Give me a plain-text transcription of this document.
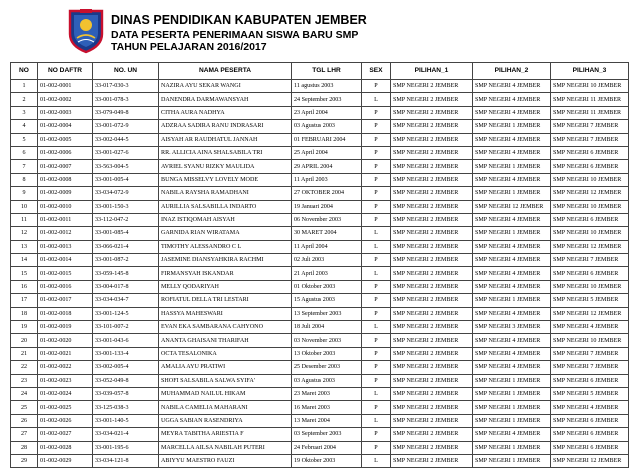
DINAS PENDIDIKAN KABUPATEN JEMBER
DATA PESERTA PENERIMAAN SISWA BARU SMP
TAHUN PELAJARAN 2016/2017
NO	NO DAFTR	NO. UN	NAMA PESERTA	TGL LHR	SEX	PILIHAN_1	PILIHAN_2	PILIHAN_3
1	01-002-0001	33-017-030-3	NAZIRA AYU SEKAR WANGI	11 agustus 2003	P	SMP NEGERI 2 JEMBER	SMP NEGERI 4 JEMBER	SMP NEGERI 10 JEMBER
2	01-002-0002	33-001-078-3	DANENDRA DARMAWANSYAH	24 September 2003	L	SMP NEGERI 2 JEMBER	SMP NEGERI 4 JEMBER	SMP NEGERI 11 JEMBER
3	01-002-0003	33-079-049-8	CITHA AURA NADHYA	23 April 2004	P	SMP NEGERI 2 JEMBER	SMP NEGERI 4 JEMBER	SMP NEGERI 11 JEMBER
4	01-002-0004	33-001-072-9	ADZRAA SADIRA RANU INDRASARI	03 Agustus 2003	P	SMP NEGERI 2 JEMBER	SMP NEGERI 1 JEMBER	SMP NEGERI 7 JEMBER
5	01-002-0005	33-002-044-5	AISYAH AR RAUDHATUL JANNAH	01 FEBRUARI 2004	P	SMP NEGERI 2 JEMBER	SMP NEGERI 4 JEMBER	SMP NEGERI 7 JEMBER
6	01-002-0006	33-001-027-6	RR. ALLICIA AINA SHALSABILA TRI	25 April 2004	P	SMP NEGERI 2 JEMBER	SMP NEGERI 4 JEMBER	SMP NEGERI 6 JEMBER
7	01-002-0007	33-563-004-5	AVRIEL SYANU RIZKY MAULIDA	29 APRIL 2004	P	SMP NEGERI 2 JEMBER	SMP NEGERI 1 JEMBER	SMP NEGERI 6 JEMBER
8	01-002-0008	33-001-005-4	BUNGA MISSELVY LOVELY MODE	11 April 2003	P	SMP NEGERI 2 JEMBER	SMP NEGERI 4 JEMBER	SMP NEGERI 10 JEMBER
9	01-002-0009	33-034-072-9	NABILA RAYSHA RAMADHANI	27 OKTOBER 2004	P	SMP NEGERI 2 JEMBER	SMP NEGERI 1 JEMBER	SMP NEGERI 12 JEMBER
10	01-002-0010	33-001-150-3	AURILLIA SALSABILLA INDARTO	19 Januari 2004	P	SMP NEGERI 2 JEMBER	SMP NEGERI 12 JEMBER	SMP NEGERI 10 JEMBER
11	01-002-0011	33-112-047-2	INAZ ISTIQOMAH AISYAH	06 November 2003	P	SMP NEGERI 2 JEMBER	SMP NEGERI 4 JEMBER	SMP NEGERI 6 JEMBER
12	01-002-0012	33-001-085-4	GARNIDA RIAN WIRATAMA	30 MARET 2004	L	SMP NEGERI 2 JEMBER	SMP NEGERI 1 JEMBER	SMP NEGERI 10 JEMBER
13	01-002-0013	33-066-021-4	TIMOTHY ALESSANDRO C L	11 April 2004	L	SMP NEGERI 2 JEMBER	SMP NEGERI 4 JEMBER	SMP NEGERI 12 JEMBER
14	01-002-0014	33-001-087-2	JASEMINE DIANSYAHKIRA RACHMI	02 Juli 2003	P	SMP NEGERI 2 JEMBER	SMP NEGERI 4 JEMBER	SMP NEGERI 7 JEMBER
15	01-002-0015	33-059-145-8	FIRMANSYAH ISKANDAR	21 April 2003	L	SMP NEGERI 2 JEMBER	SMP NEGERI 4 JEMBER	SMP NEGERI 6 JEMBER
16	01-002-0016	33-004-017-8	MELLY QODARIYAH	01 Oktober 2003	P	SMP NEGERI 2 JEMBER	SMP NEGERI 4 JEMBER	SMP NEGERI 10 JEMBER
17	01-002-0017	33-034-034-7	ROFIATUL DELLA TRI LESTARI	15 Agustus 2003	P	SMP NEGERI 2 JEMBER	SMP NEGERI 1 JEMBER	SMP NEGERI 5 JEMBER
18	01-002-0018	33-001-124-5	HASSYA MAHESWARI	13 September 2003	P	SMP NEGERI 2 JEMBER	SMP NEGERI 4 JEMBER	SMP NEGERI 12 JEMBER
19	01-002-0019	33-101-007-2	EVAN EKA SAMBARANA CAHYONO	18 Juli 2004	L	SMP NEGERI 2 JEMBER	SMP NEGERI 3 JEMBER	SMP NEGERI 4 JEMBER
20	01-002-0020	33-001-043-6	ANANTA GHAISANI THARIFAH	03 November 2003	P	SMP NEGERI 2 JEMBER	SMP NEGERI 4 JEMBER	SMP NEGERI 10 JEMBER
21	01-002-0021	33-001-133-4	OCTA TESALONIKA	13 Oktober 2003	P	SMP NEGERI 2 JEMBER	SMP NEGERI 4 JEMBER	SMP NEGERI 7 JEMBER
22	01-002-0022	33-002-005-4	AMALIA AYU PRATIWI	25 Desember 2003	P	SMP NEGERI 2 JEMBER	SMP NEGERI 4 JEMBER	SMP NEGERI 7 JEMBER
23	01-002-0023	33-052-049-8	SHOFI SALSABILA SALWA SYIFA'	03 Agustus 2003	P	SMP NEGERI 2 JEMBER	SMP NEGERI 1 JEMBER	SMP NEGERI 6 JEMBER
24	01-002-0024	33-039-057-8	MUHAMMAD NAILUL HIKAM	23 Maret 2003	L	SMP NEGERI 2 JEMBER	SMP NEGERI 1 JEMBER	SMP NEGERI 5 JEMBER
25	01-002-0025	33-125-038-3	NABILA CAMELIA MAHARANI	16 Maret 2003	P	SMP NEGERI 2 JEMBER	SMP NEGERI 1 JEMBER	SMP NEGERI 4 JEMBER
26	01-002-0026	33-001-140-5	UGGA SABIAN RASENDRIYA	13 Maret 2004	L	SMP NEGERI 2 JEMBER	SMP NEGERI 1 JEMBER	SMP NEGERI 6 JEMBER
27	01-002-0027	33-034-021-4	MEYRA TABITHA ARIESTIA F	03 September 2003	P	SMP NEGERI 2 JEMBER	SMP NEGERI 4 JEMBER	SMP NEGERI 6 JEMBER
28	01-002-0028	33-001-195-6	MARCELLA AILSA NABILAH PUTERI	24 Februari 2004	P	SMP NEGERI 2 JEMBER	SMP NEGERI 1 JEMBER	SMP NEGERI 6 JEMBER
29	01-002-0029	33-034-121-8	ABIYYU MAESTRO FAUZI	19 Oktober 2003	L	SMP NEGERI 2 JEMBER	SMP NEGERI 1 JEMBER	SMP NEGERI 12 JEMBER
